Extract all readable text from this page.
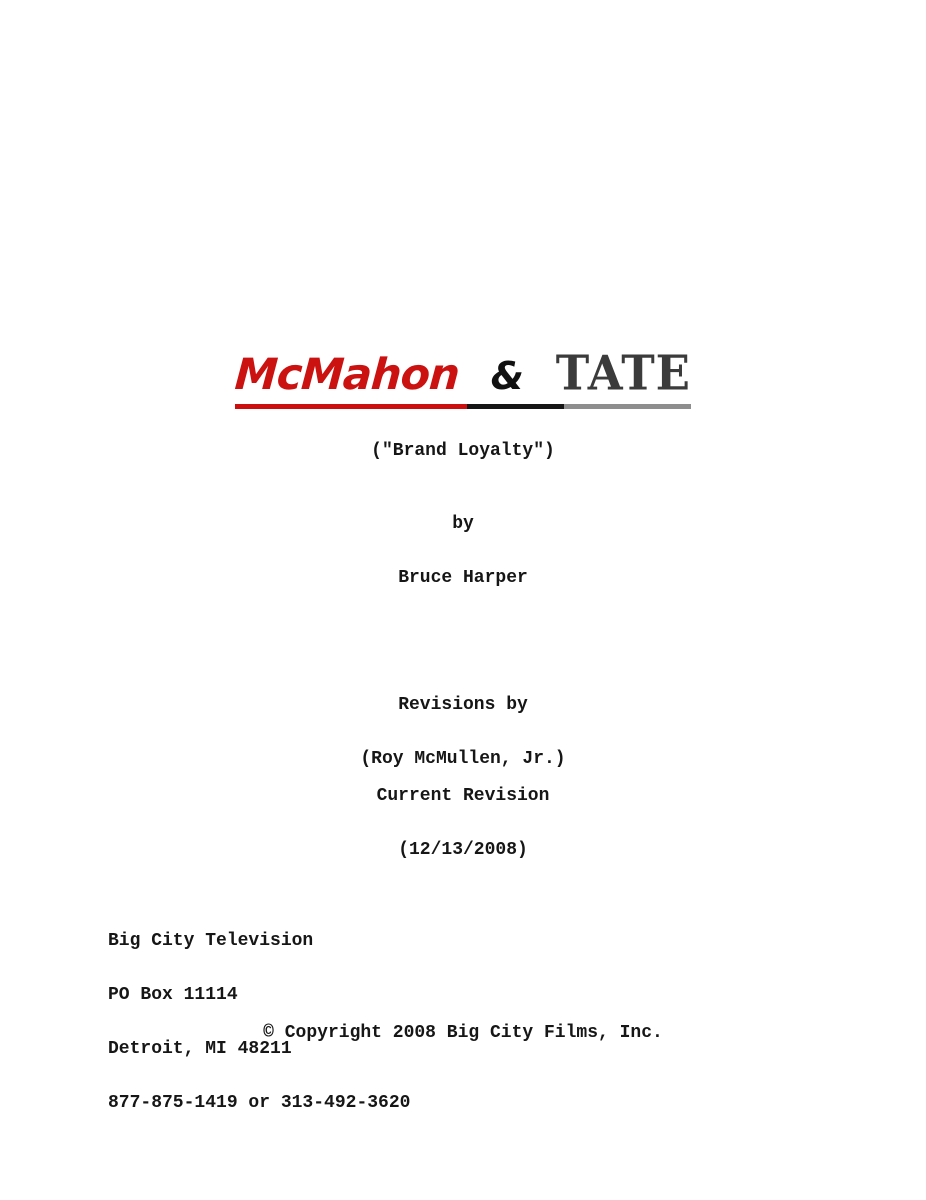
McMahon & TATE
("Brand Loyalty")

by

Bruce Harper

Revisions by

(Roy McMullen, Jr.)

Current Revision

(12/13/2008)

Big City Television

PO Box 11114

Detroit, MI 48211

877-875-1419 or 313-492-3620

© Copyright 2008 Big City Films, Inc.
